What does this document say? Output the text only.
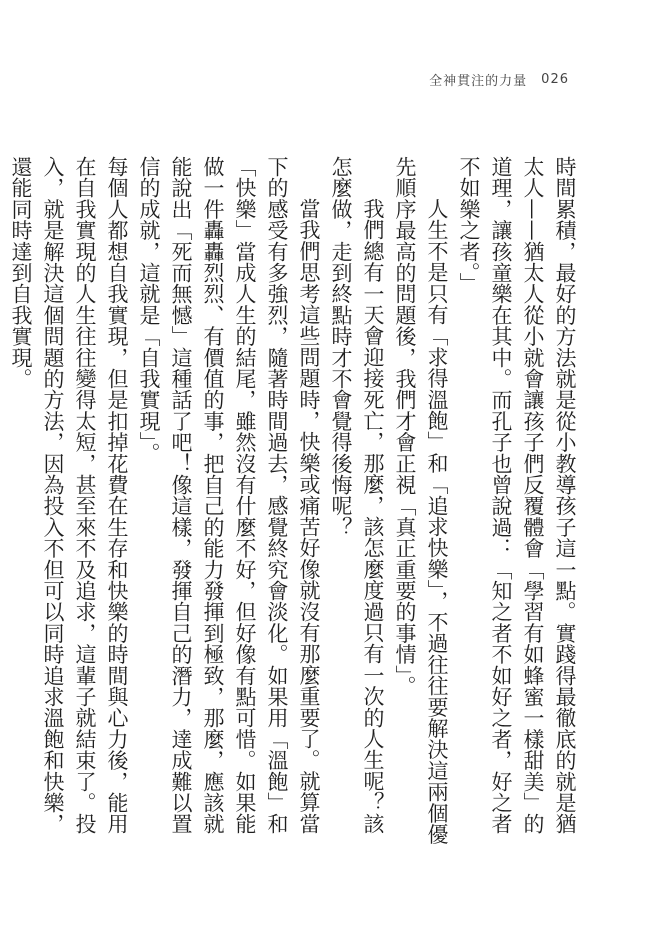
全神貫注的力量 026

時間累積，最好的方法就是從小教導孩子這一點。實踐得最徹底的就是猶太人——猶太人從小就會讓孩子們反覆體會「學習有如蜂蜜一樣甜美」的道理，讓孩童樂在其中。而孔子也曾說過：「知之者不如好之者，好之者不如樂之者。」

人生不是只有「求得溫飽」和「追求快樂」，不過往往要解決這兩個優先順序最高的問題後，我們才會正視「真正重要的事情」。

我們總有一天會迎接死亡，那麼，該怎麼度過只有一次的人生呢？該怎麼做，走到終點時才不會覺得後悔呢？

當我們思考這些問題時，快樂或痛苦好像就沒有那麼重要了。就算當下的感受有多強烈，隨著時間過去，感覺終究會淡化。如果用「溫飽」和「快樂」當成人生的結尾，雖然沒有什麼不好，但好像有點可惜。如果能做一件轟轟烈烈、有價值的事，把自己的能力發揮到極致，那麼，應該就能說出「死而無憾」這種話了吧！像這樣，發揮自己的潛力，達成難以置信的成就，這就是「自我實現」。

每個人都想自我實現，但是扣掉花費在生存和快樂的時間與心力後，能用在自我實現的人生往往變得太短，甚至來不及追求，這輩子就結束了。投入，就是解決這個問題的方法，因為投入不但可以同時追求溫飽和快樂，還能同時達到自我實現。
